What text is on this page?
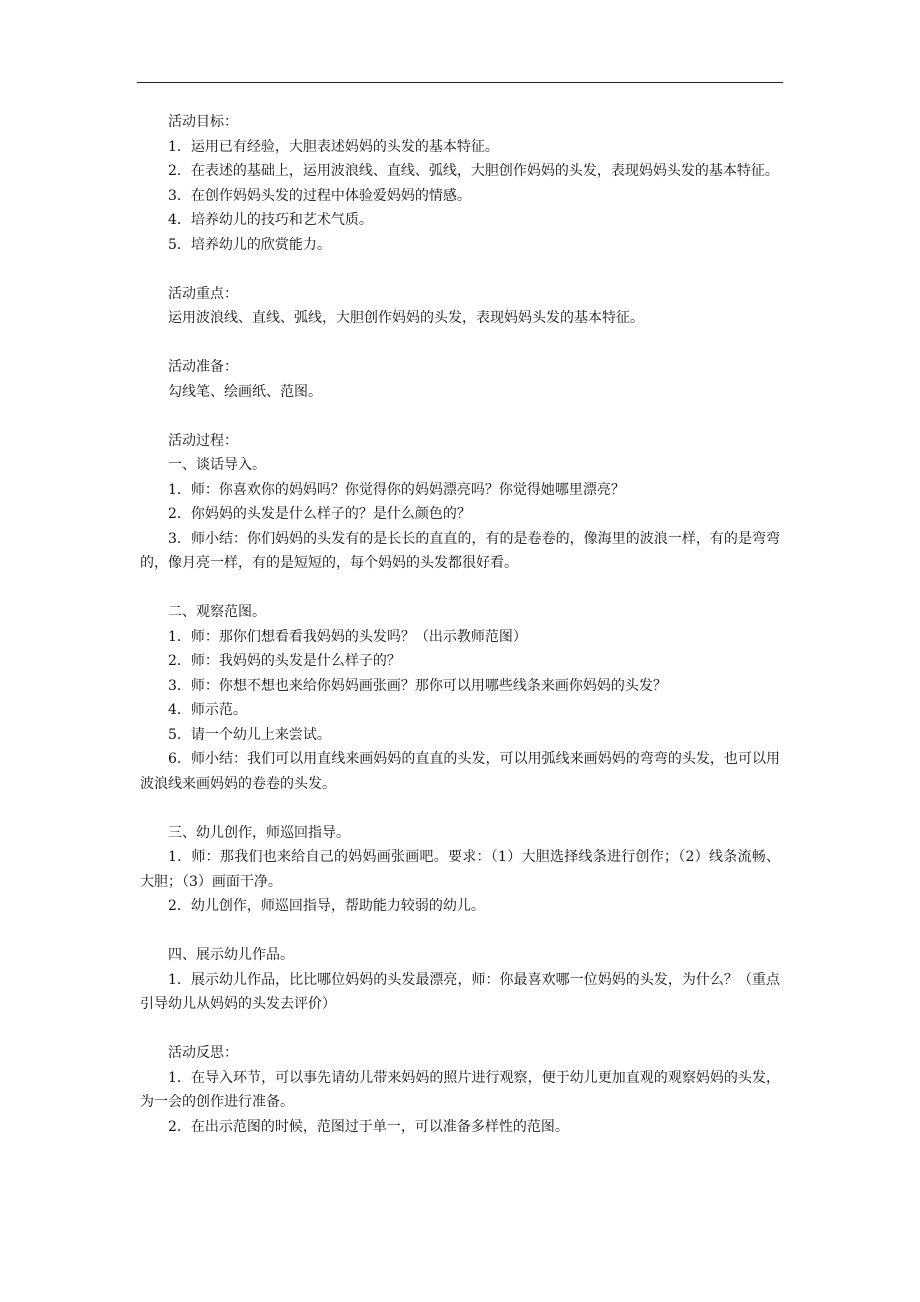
活动目标：

1．运用已有经验，大胆表述妈妈的头发的基本特征。

2．在表述的基础上，运用波浪线、直线、弧线，大胆创作妈妈的头发，表现妈妈头发的基本特征。

3．在创作妈妈头发的过程中体验爱妈妈的情感。

4．培养幼儿的技巧和艺术气质。

5．培养幼儿的欣赏能力。

活动重点：

运用波浪线、直线、弧线，大胆创作妈妈的头发，表现妈妈头发的基本特征。

活动准备：

勾线笔、绘画纸、范图。

活动过程：

一、谈话导入。

1．师：你喜欢你的妈妈吗？你觉得你的妈妈漂亮吗？你觉得她哪里漂亮？

2．你妈妈的头发是什么样子的？是什么颜色的？

3．师小结：你们妈妈的头发有的是长长的直直的，有的是卷卷的，像海里的波浪一样，有的是弯弯的，像月亮一样，有的是短短的，每个妈妈的头发都很好看。

二、观察范图。

1．师：那你们想看看我妈妈的头发吗？（出示教师范图）

2．师：我妈妈的头发是什么样子的？

3．师：你想不想也来给你妈妈画张画？那你可以用哪些线条来画你妈妈的头发？

4．师示范。

5．请一个幼儿上来尝试。

6．师小结：我们可以用直线来画妈妈的直直的头发，可以用弧线来画妈妈的弯弯的头发，也可以用波浪线来画妈妈的卷卷的头发。

三、幼儿创作，师巡回指导。

1．师：那我们也来给自己的妈妈画张画吧。要求：（1）大胆选择线条进行创作；（2）线条流畅、大胆；（3）画面干净。

2．幼儿创作，师巡回指导，帮助能力较弱的幼儿。

四、展示幼儿作品。

1．展示幼儿作品，比比哪位妈妈的头发最漂亮，师：你最喜欢哪一位妈妈的头发，为什么？（重点引导幼儿从妈妈的头发去评价）

活动反思：

1．在导入环节，可以事先请幼儿带来妈妈的照片进行观察，便于幼儿更加直观的观察妈妈的头发，为一会的创作进行准备。

2．在出示范图的时候，范图过于单一，可以准备多样性的范图。
